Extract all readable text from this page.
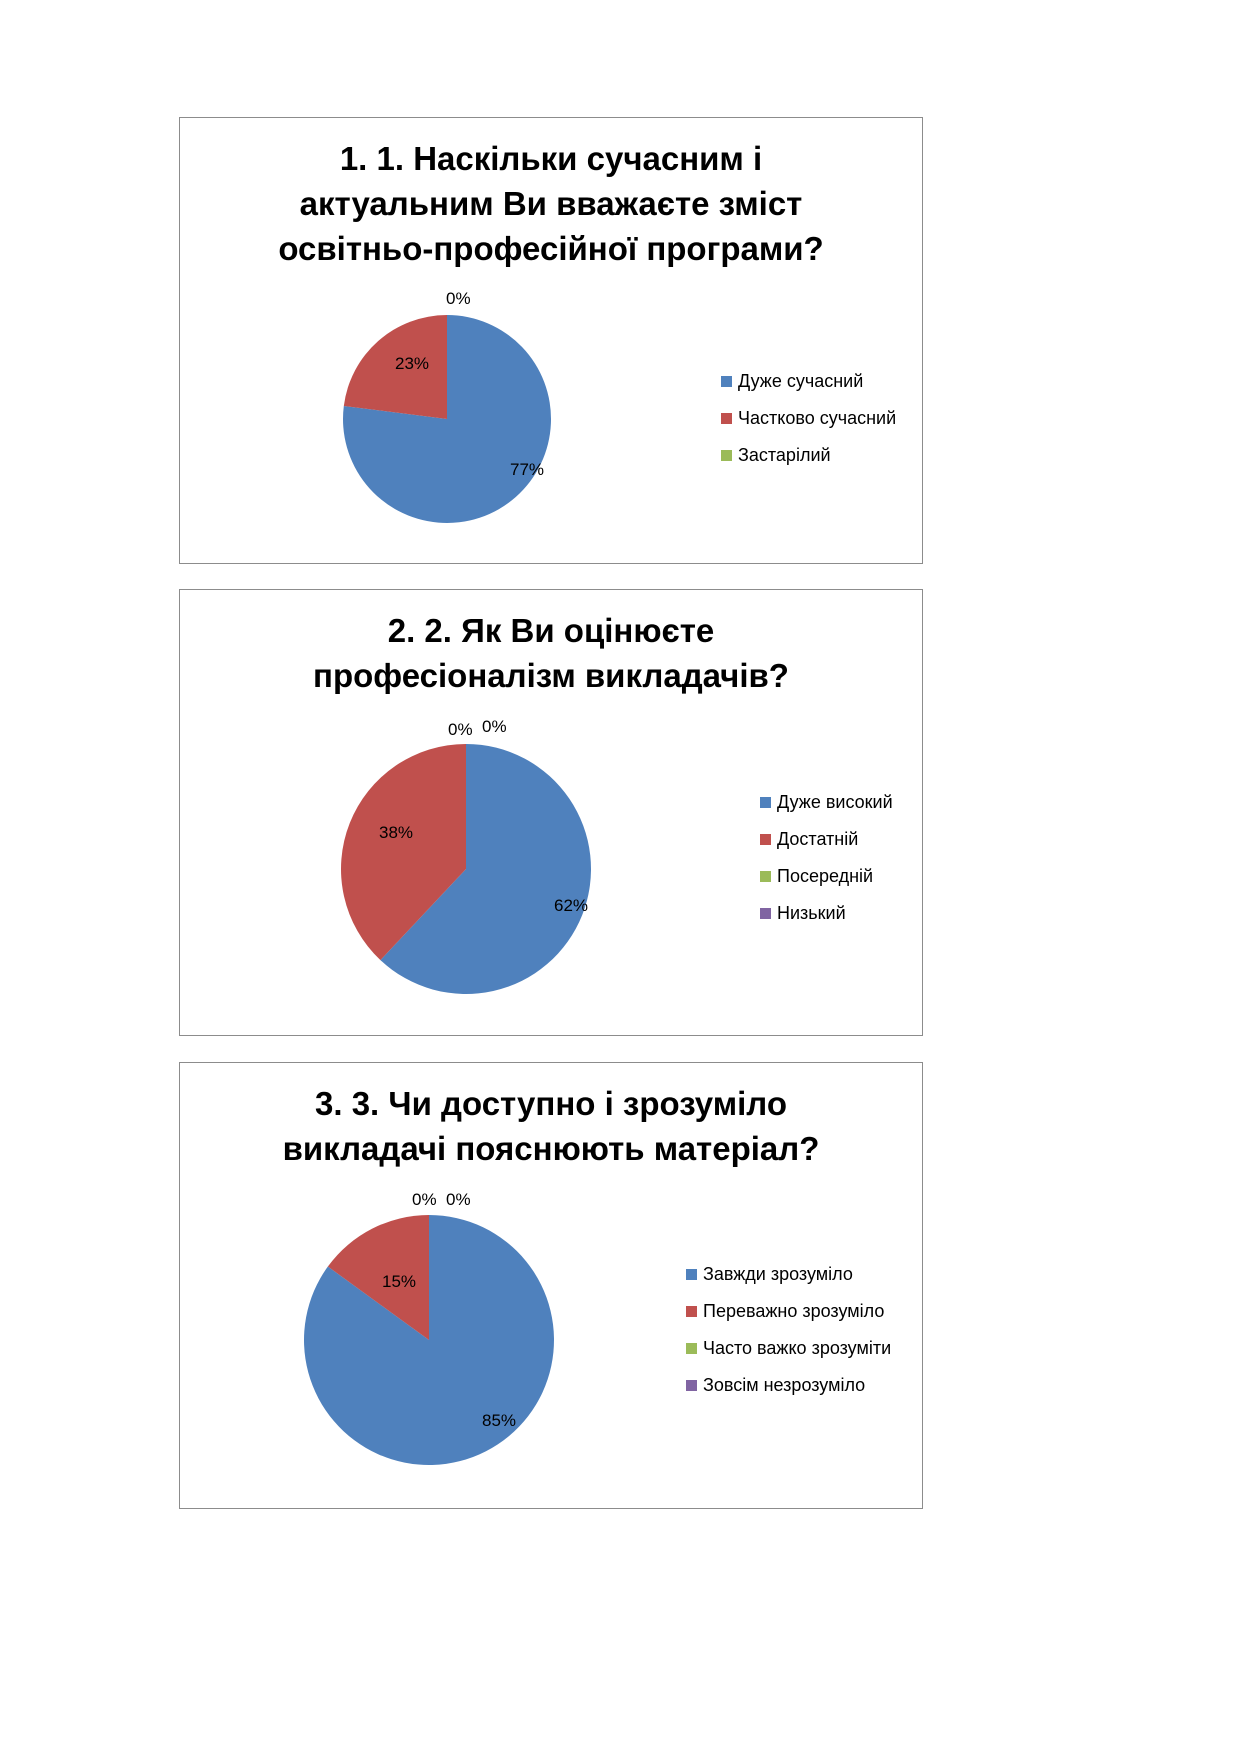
1. 1. Наскільки сучасним і актуальним Ви вважаєте зміст освітньо-професійної програми?
77%
23%
0%
Дуже сучасний
Частково сучасний
Застарілий
2. 2. Як Ви оцінюєте професіоналізм викладачів?
62%
38%
0% 0%
Дуже високий
Достатній
Посередній
Низький
3. 3. Чи доступно і зрозуміло викладачі пояснюють матеріал?
85%
15%
0% 0%
Завжди зрозуміло
Переважно зрозуміло
Часто важко зрозуміти
Зовсім незрозуміло
